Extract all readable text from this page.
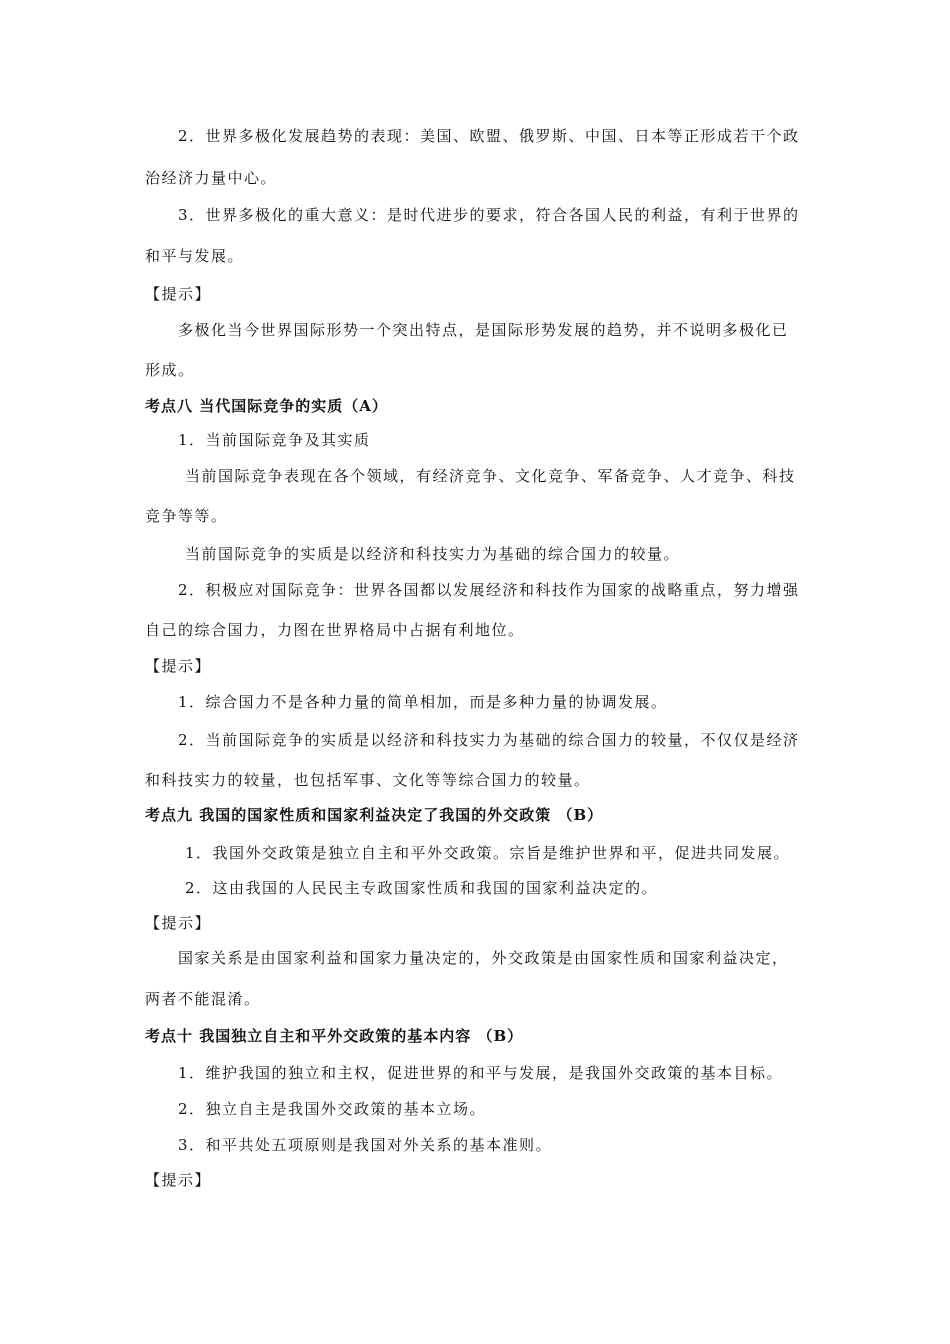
2．世界多极化发展趋势的表现：美国、欧盟、俄罗斯、中国、日本等正形成若干个政
治经济力量中心。
3．世界多极化的重大意义：是时代进步的要求，符合各国人民的利益，有利于世界的
和平与发展。
【提示】
多极化当今世界国际形势一个突出特点，是国际形势发展的趋势，并不说明多极化已
形成。
考点八 当代国际竞争的实质（A）
1．当前国际竞争及其实质
当前国际竞争表现在各个领域，有经济竞争、文化竞争、军备竞争、人才竞争、科技
竞争等等。
当前国际竞争的实质是以经济和科技实力为基础的综合国力的较量。
2．积极应对国际竞争：世界各国都以发展经济和科技作为国家的战略重点，努力增强
自己的综合国力，力图在世界格局中占据有利地位。
【提示】
1．综合国力不是各种力量的简单相加，而是多种力量的协调发展。
2．当前国际竞争的实质是以经济和科技实力为基础的综合国力的较量，不仅仅是经济
和科技实力的较量，也包括军事、文化等等综合国力的较量。
考点九 我国的国家性质和国家利益决定了我国的外交政策 （B）
1．我国外交政策是独立自主和平外交政策。宗旨是维护世界和平，促进共同发展。
2．这由我国的人民民主专政国家性质和我国的国家利益决定的。
【提示】
国家关系是由国家利益和国家力量决定的，外交政策是由国家性质和国家利益决定，
两者不能混淆。
考点十 我国独立自主和平外交政策的基本内容 （B）
1．维护我国的独立和主权，促进世界的和平与发展，是我国外交政策的基本目标。
2．独立自主是我国外交政策的基本立场。
3．和平共处五项原则是我国对外关系的基本准则。
【提示】
